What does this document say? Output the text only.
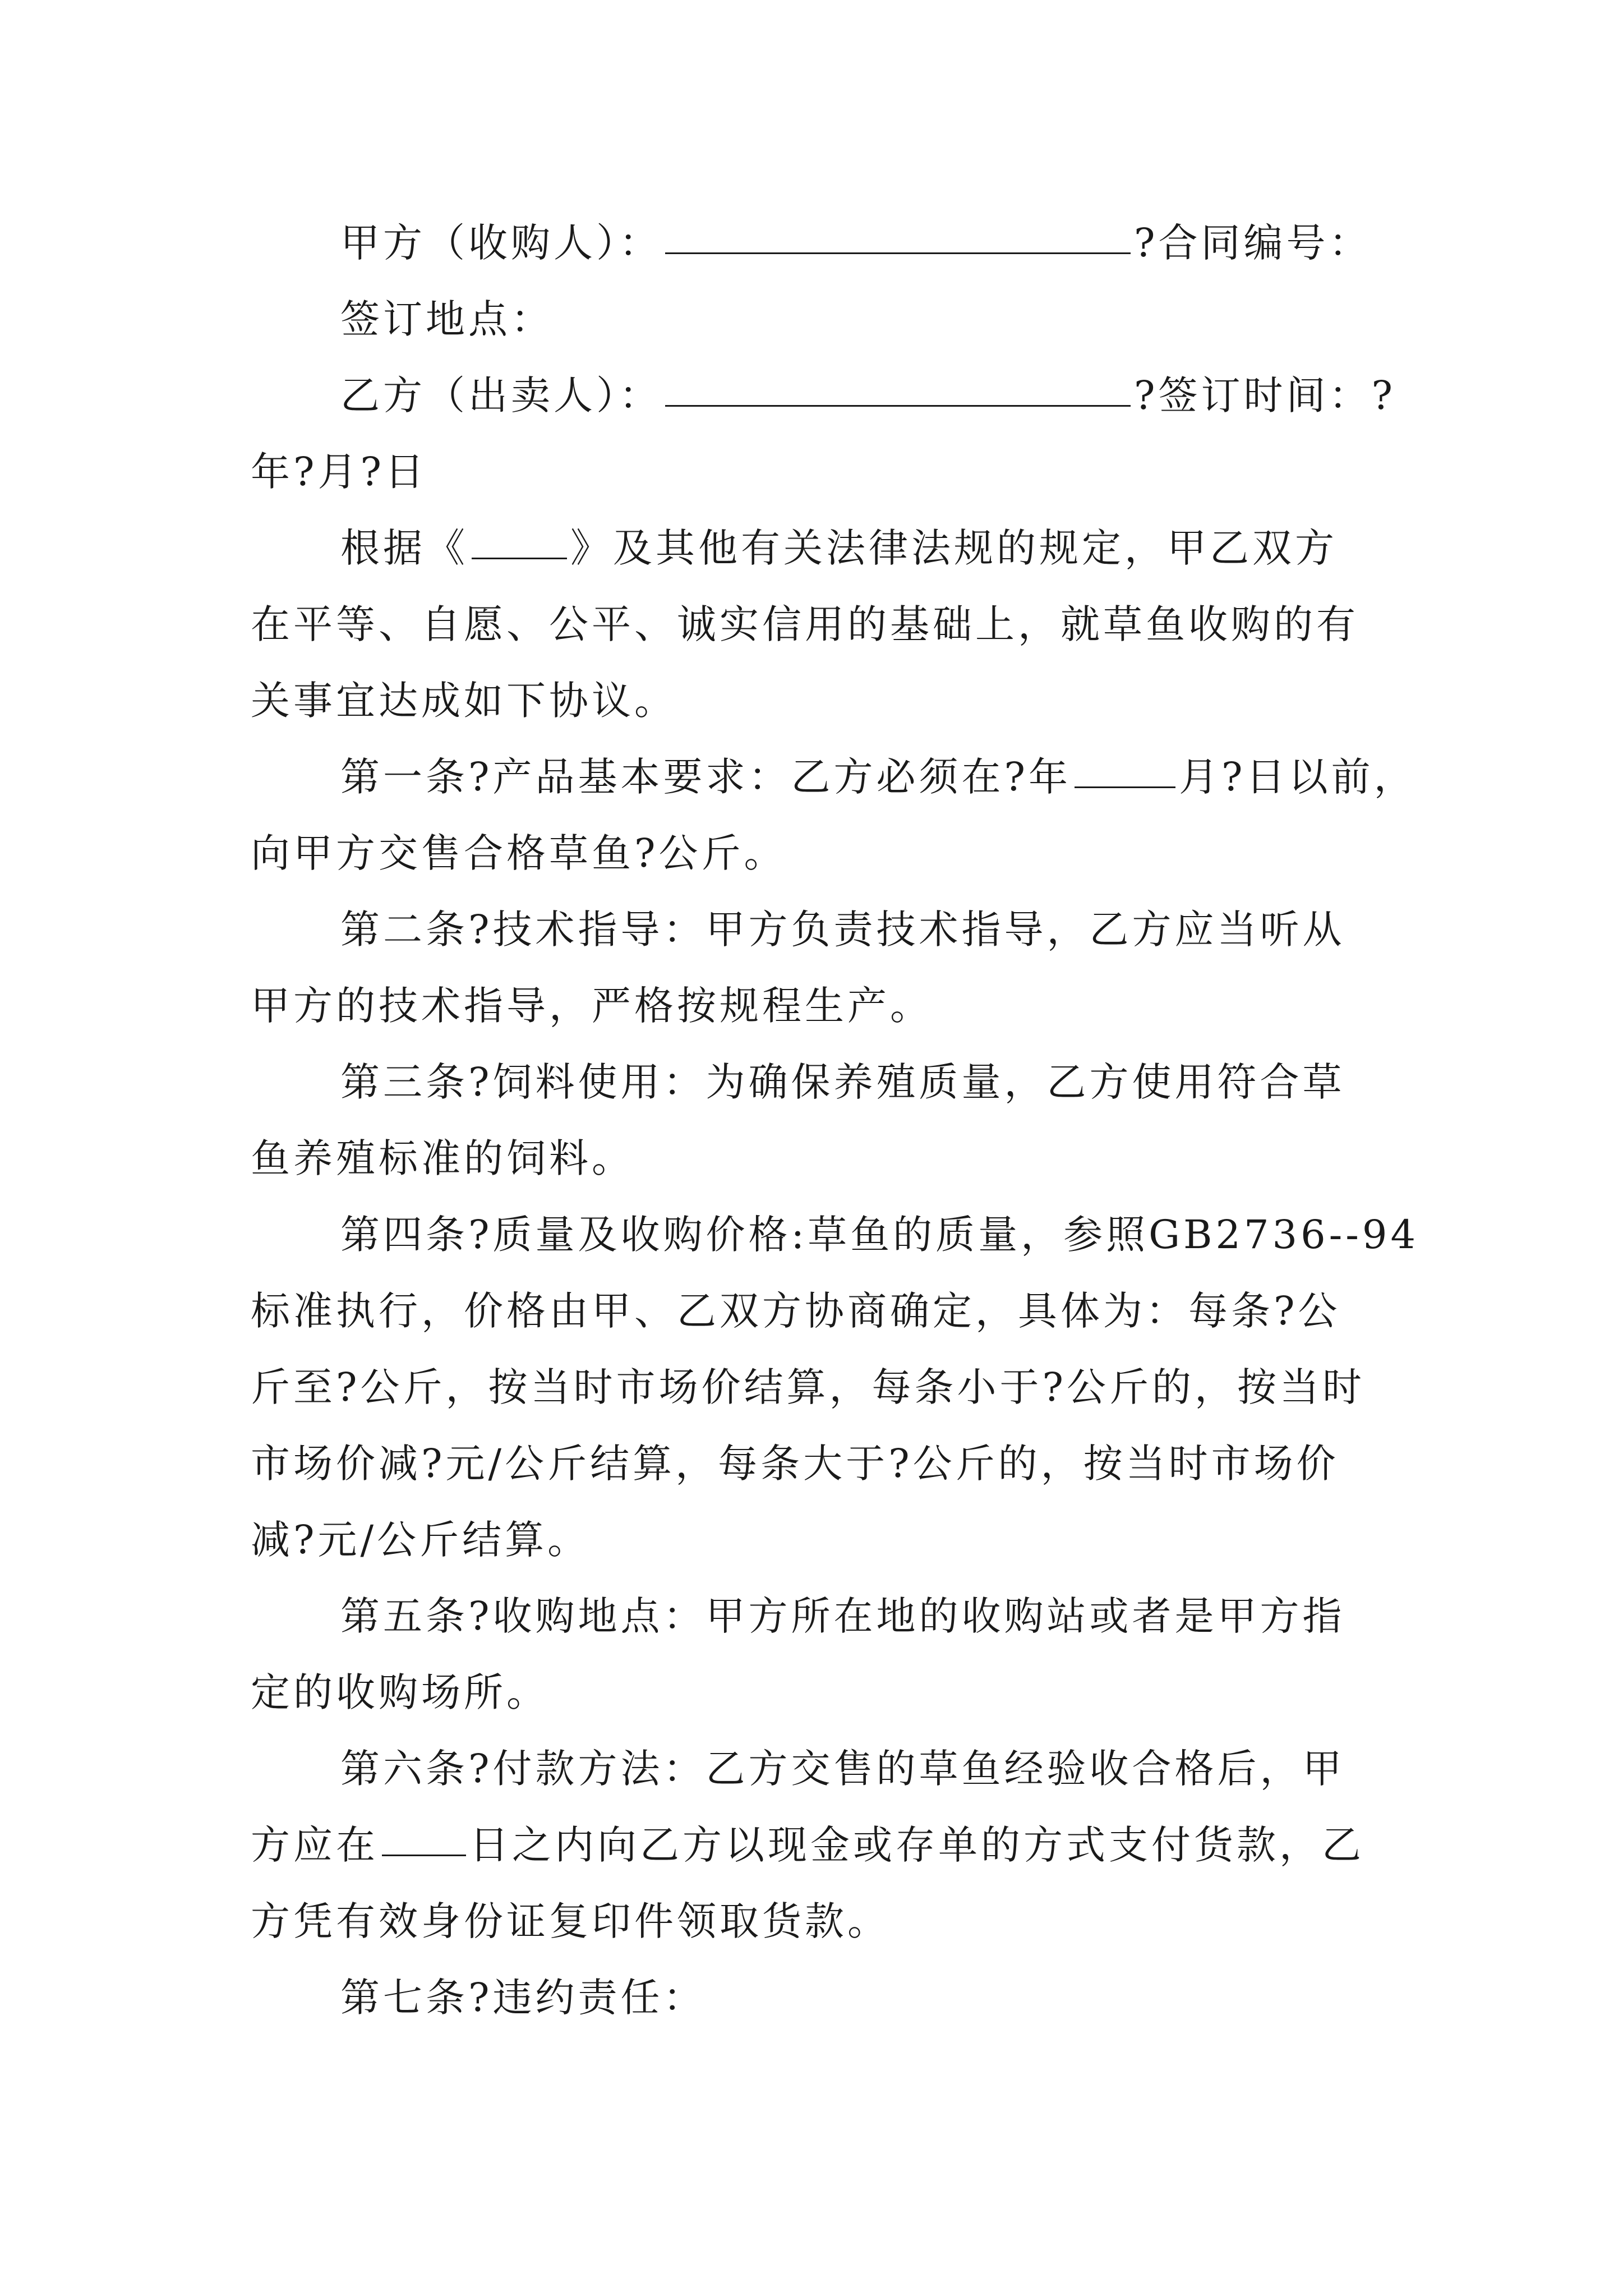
甲方（收购人）：	?合同编号：
签订地点：
乙方（出卖人）：	?签订时间：?
年?月?日
根据《	》及其他有关法律法规的规定，甲乙双方
在平等、自愿、公平、诚实信用的基础上，就草鱼收购的有
关事宜达成如下协议。
第一条?产品基本要求：乙方必须在?年	月?日以前，
向甲方交售合格草鱼?公斤。
第二条?技术指导：甲方负责技术指导，乙方应当听从
甲方的技术指导，严格按规程生产。
第三条?饲料使用：为确保养殖质量，乙方使用符合草
鱼养殖标准的饲料。
第四条?质量及收购价格:草鱼的质量，参照GB2736--94
标准执行，价格由甲、乙双方协商确定，具体为：每条?公
斤至?公斤，按当时市场价结算，每条小于?公斤的，按当时
市场价减?元/公斤结算，每条大于?公斤的，按当时市场价
减?元/公斤结算。
第五条?收购地点：甲方所在地的收购站或者是甲方指
定的收购场所。
第六条?付款方法：乙方交售的草鱼经验收合格后，甲
方应在 日之内向乙方以现金或存单的方式支付货款，乙
方凭有效身份证复印件领取货款。
第七条?违约责任：
